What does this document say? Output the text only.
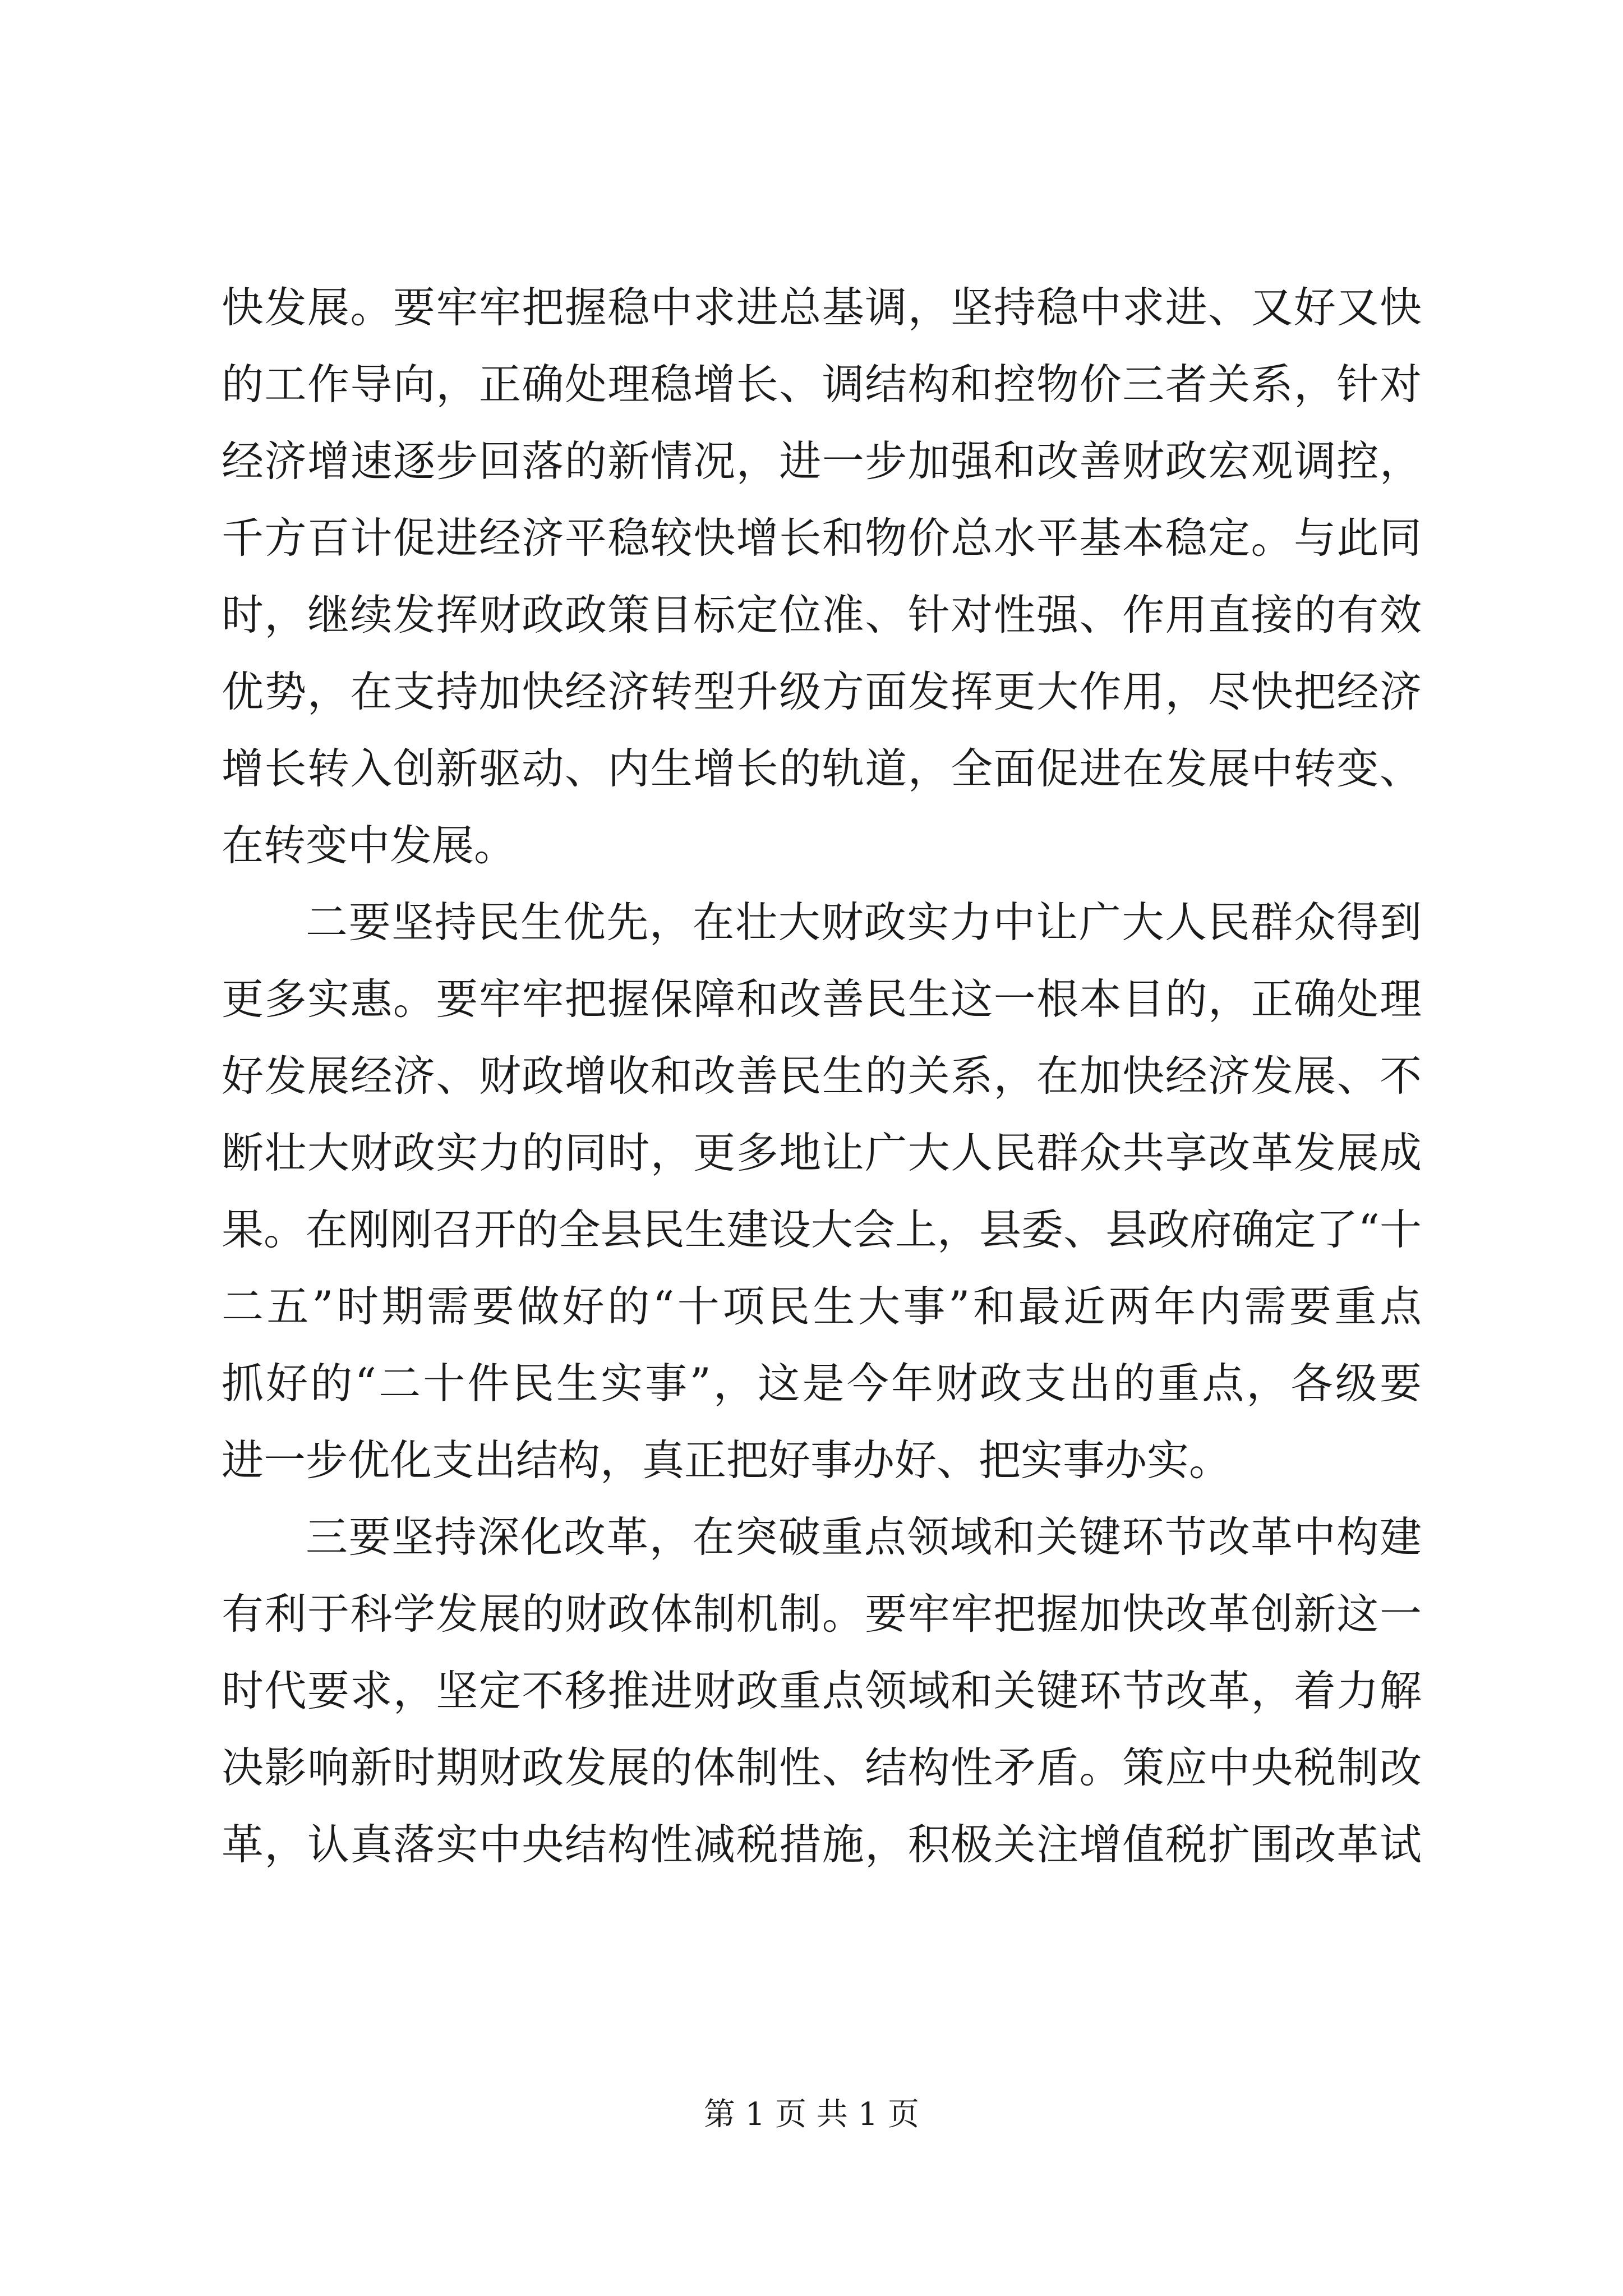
快发展。要牢牢把握稳中求进总基调，坚持稳中求进、又好又快
的工作导向，正确处理稳增长、调结构和控物价三者关系，针对
经济增速逐步回落的新情况，进一步加强和改善财政宏观调控，
千方百计促进经济平稳较快增长和物价总水平基本稳定。与此同
时，继续发挥财政政策目标定位准、针对性强、作用直接的有效
优势，在支持加快经济转型升级方面发挥更大作用，尽快把经济
增长转入创新驱动、内生增长的轨道，全面促进在发展中转变、
在转变中发展。
二要坚持民生优先，在壮大财政实力中让广大人民群众得到
更多实惠。要牢牢把握保障和改善民生这一根本目的，正确处理
好发展经济、财政增收和改善民生的关系，在加快经济发展、不
断壮大财政实力的同时，更多地让广大人民群众共享改革发展成
果。在刚刚召开的全县民生建设大会上，县委、县政府确定了“十
二五”时期需要做好的“十项民生大事”和最近两年内需要重点
抓好的“二十件民生实事”，这是今年财政支出的重点，各级要
进一步优化支出结构，真正把好事办好、把实事办实。
三要坚持深化改革，在突破重点领域和关键环节改革中构建
有利于科学发展的财政体制机制。要牢牢把握加快改革创新这一
时代要求，坚定不移推进财政重点领域和关键环节改革，着力解
决影响新时期财政发展的体制性、结构性矛盾。策应中央税制改
革，认真落实中央结构性减税措施，积极关注增值税扩围改革试
第 1 页 共 1 页
